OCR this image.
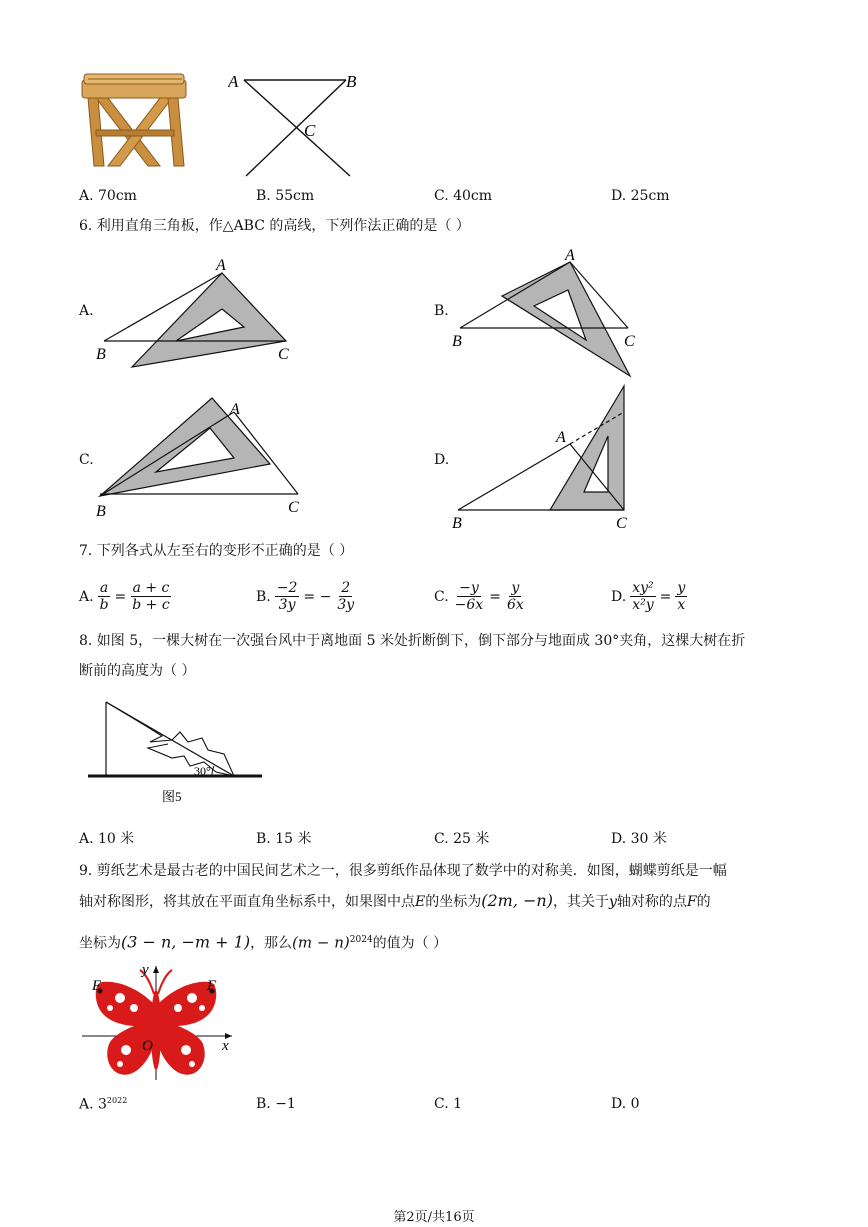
A	B
C
A. 70cm	B. 55cm	C. 40cm	D. 25cm
6. 利用直角三角板，作△ABC 的高线，下列作法正确的是（ ）
A.
A
B	C
B.
A
B	C
C.
A
B	C
D.
A
B	C
7. 下列各式从左至右的变形不正确的是（ ）
A. $\frac{a}{b} = \frac{a + c}{b + c}$	B. $\frac{-2}{3y}$ = − $\frac{2}{3y}$	C. $\frac{-y}{-6x} = \frac{y}{6x}$	D. $\frac{\text{xy²}}{\text{x²y}} = \frac{y}{x}$
8. 如图 5，一棵大树在一次强台风中于离地面 5 米处折断倒下，倒下部分与地面成 30°夹角，这棵大树在折
断前的高度为（ ）
30°
图5
A. 10 米	B. 15 米	C. 25 米	D. 30 米
9. 剪纸艺术是最古老的中国民间艺术之一，很多剪纸作品体现了数学中的对称美．如图，蝴蝶剪纸是一幅
轴对称图形，将其放在平面直角坐标系中，如果图中点E的坐标为(2m, −n)，其关于y轴对称的点F的
坐标为(3 − n, −m + 1)，那么$(m - n)^{2024}$的值为（ ）
E	F
O	x
y
A. $3^{2022}$	B. −1	C. 1	D. 0
第2页/共16页
